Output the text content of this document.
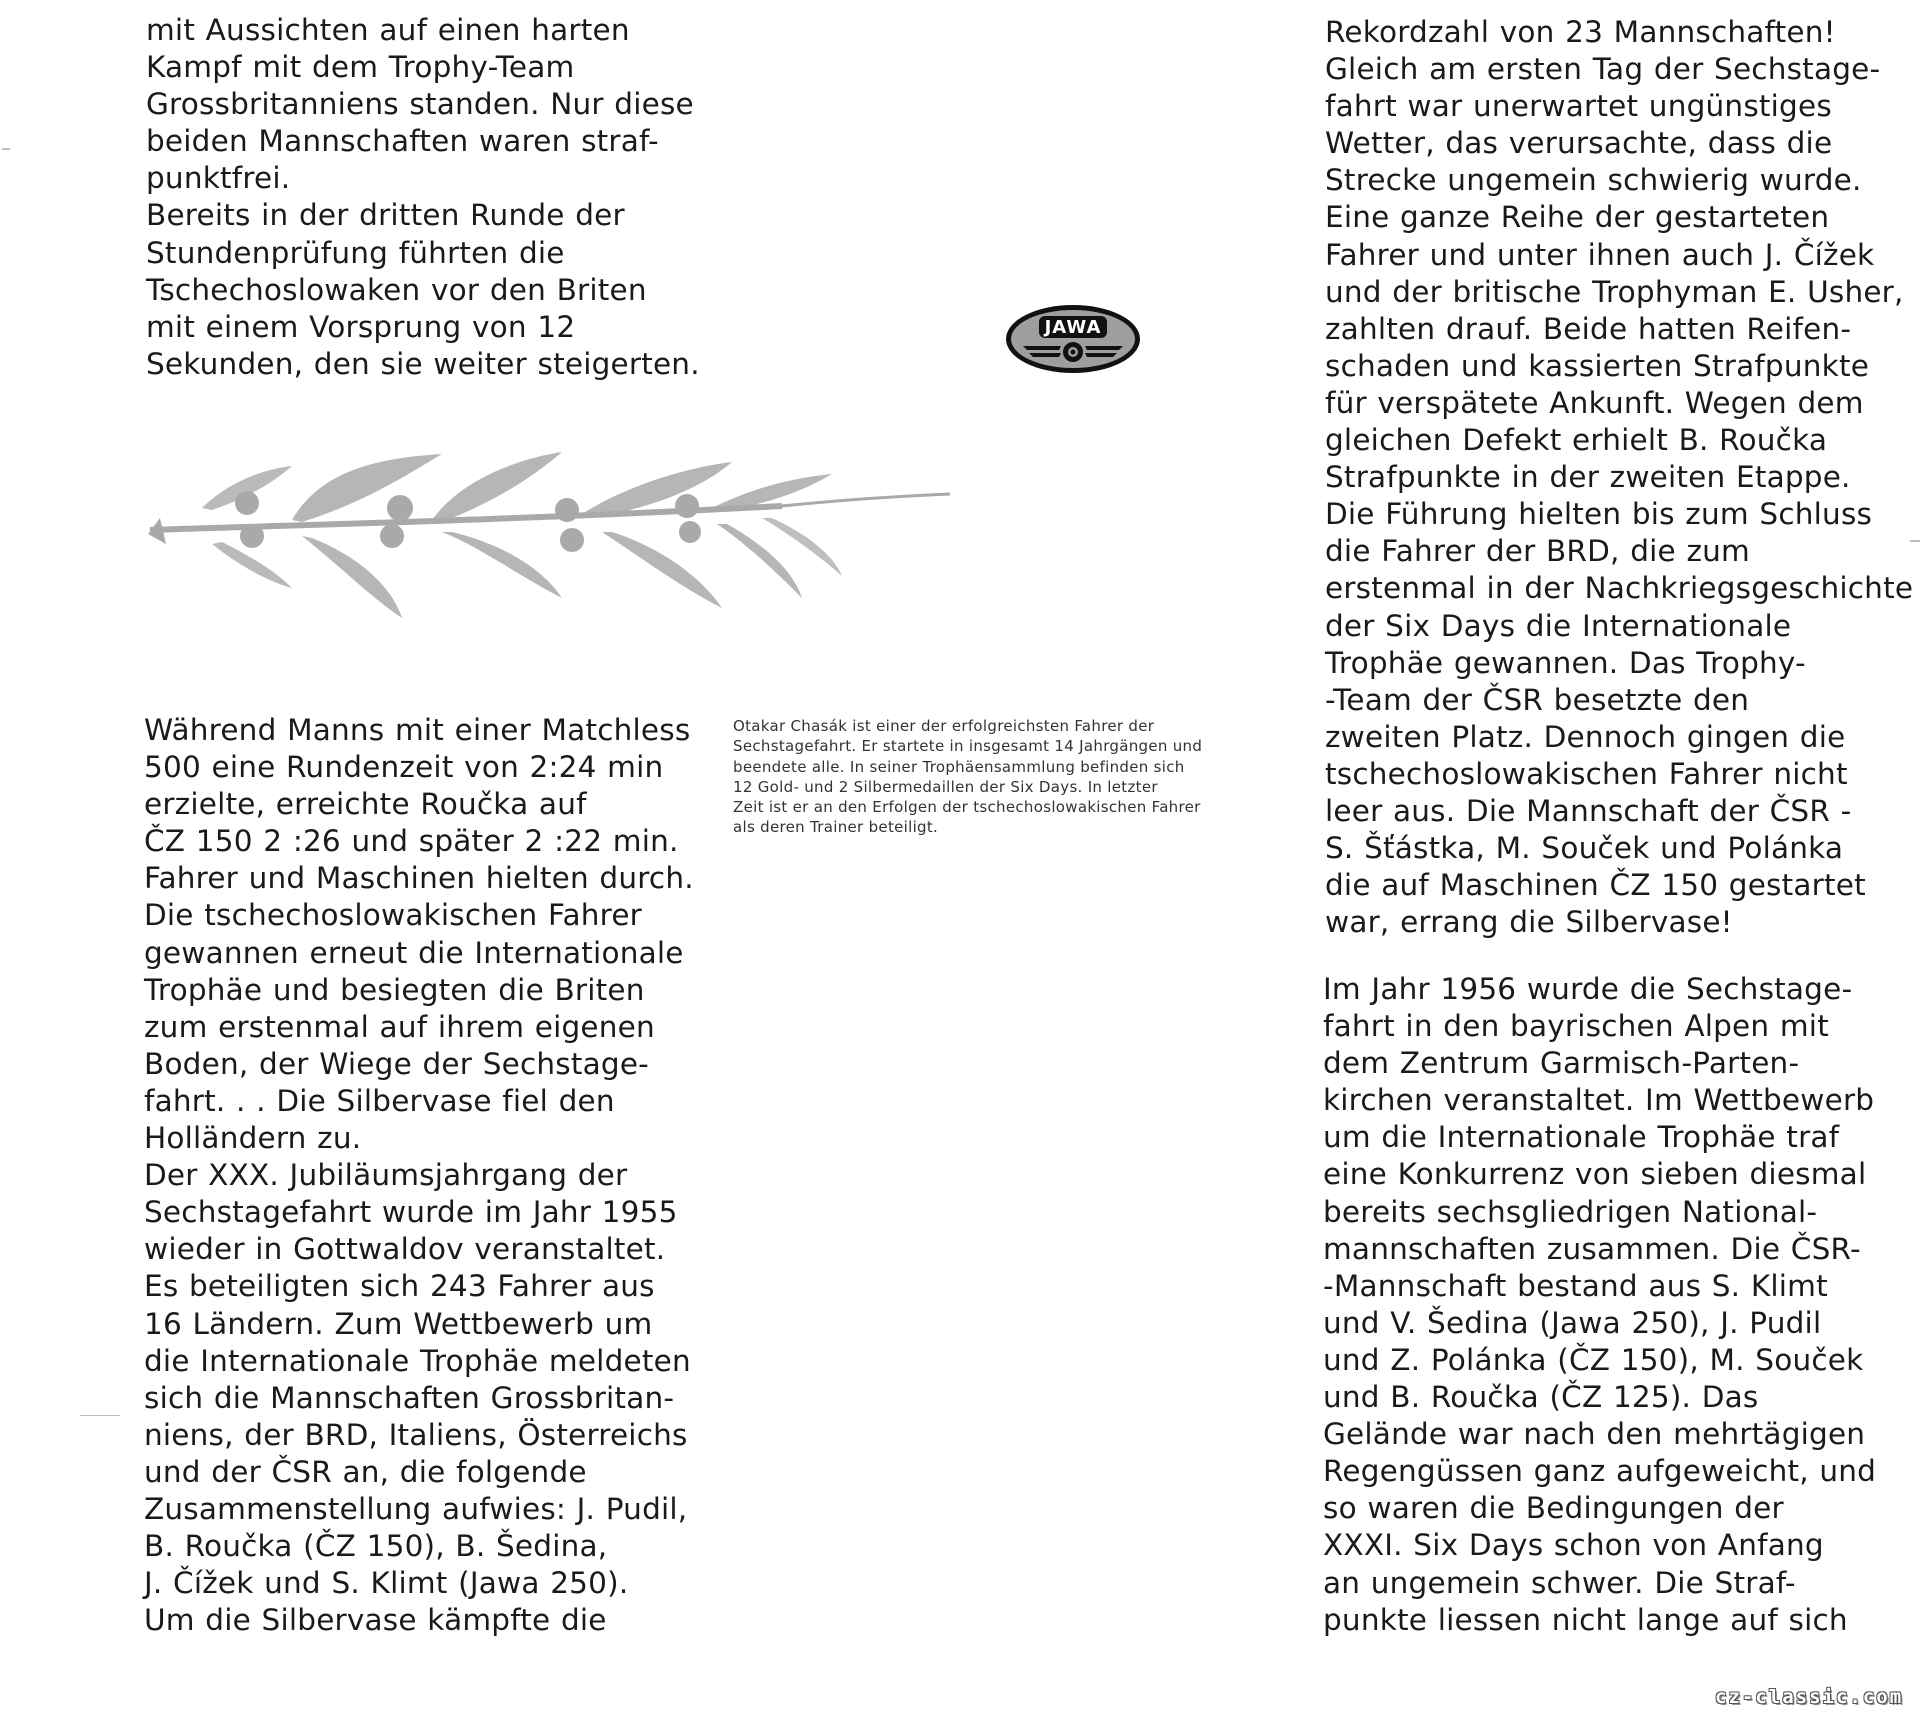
mit Aussichten auf einen harten
Kampf mit dem Trophy-Team
Grossbritanniens standen. Nur diese
beiden Mannschaften waren straf-
punktfrei.
Bereits in der dritten Runde der
Stundenprüfung führten die
Tschechoslowaken vor den Briten
mit einem Vorsprung von 12
Sekunden, den sie weiter steigerten.
Während Manns mit einer Matchless
500 eine Rundenzeit von 2:24 min
erzielte, erreichte Roučka auf
ČZ 150 2 :26 und später 2 :22 min.
Fahrer und Maschinen hielten durch.
Die tschechoslowakischen Fahrer
gewannen erneut die Internationale
Trophäe und besiegten die Briten
zum erstenmal auf ihrem eigenen
Boden, der Wiege der Sechstage-
fahrt. . . Die Silbervase fiel den
Holländern zu.
Der XXX. Jubiläumsjahrgang der
Sechstagefahrt wurde im Jahr 1955
wieder in Gottwaldov veranstaltet.
Es beteiligten sich 243 Fahrer aus
16 Ländern. Zum Wettbewerb um
die Internationale Trophäe meldeten
sich die Mannschaften Grossbritan-
niens, der BRD, Italiens, Österreichs
und der ČSR an, die folgende
Zusammenstellung aufwies: J. Pudil,
B. Roučka (ČZ 150), B. Šedina,
J. Čížek und S. Klimt (Jawa 250).
Um die Silbervase kämpfte die
JAWA
Otakar Chasák ist einer der erfolgreichsten Fahrer der
Sechstagefahrt. Er startete in insgesamt 14 Jahrgängen und
beendete alle. In seiner Trophäensammlung befinden sich
12 Gold- und 2 Silbermedaillen der Six Days. In letzter
Zeit ist er an den Erfolgen der tschechoslowakischen Fahrer
als deren Trainer beteiligt.
Rekordzahl von 23 Mannschaften!
Gleich am ersten Tag der Sechstage-
fahrt war unerwartet ungünstiges
Wetter, das verursachte, dass die
Strecke ungemein schwierig wurde.
Eine ganze Reihe der gestarteten
Fahrer und unter ihnen auch J. Čížek
und der britische Trophyman E. Usher,
zahlten drauf. Beide hatten Reifen-
schaden und kassierten Strafpunkte
für verspätete Ankunft. Wegen dem
gleichen Defekt erhielt B. Roučka
Strafpunkte in der zweiten Etappe.
Die Führung hielten bis zum Schluss
die Fahrer der BRD, die zum
erstenmal in der Nachkriegsgeschichte
der Six Days die Internationale
Trophäe gewannen. Das Trophy-
-Team der ČSR besetzte den
zweiten Platz. Dennoch gingen die
tschechoslowakischen Fahrer nicht
leer aus. Die Mannschaft der ČSR -
S. Šťástka, M. Souček und Polánka
die auf Maschinen ČZ 150 gestartet
war, errang die Silbervase!
Im Jahr 1956 wurde die Sechstage-
fahrt in den bayrischen Alpen mit
dem Zentrum Garmisch-Parten-
kirchen veranstaltet. Im Wettbewerb
um die Internationale Trophäe traf
eine Konkurrenz von sieben diesmal
bereits sechsgliedrigen National-
mannschaften zusammen. Die ČSR-
-Mannschaft bestand aus S. Klimt
und V. Šedina (Jawa 250), J. Pudil
und Z. Polánka (ČZ 150), M. Souček
und B. Roučka (ČZ 125). Das
Gelände war nach den mehrtägigen
Regengüssen ganz aufgeweicht, und
so waren die Bedingungen der
XXXI. Six Days schon von Anfang
an ungemein schwer. Die Straf-
punkte liessen nicht lange auf sich
cz-classic.com
